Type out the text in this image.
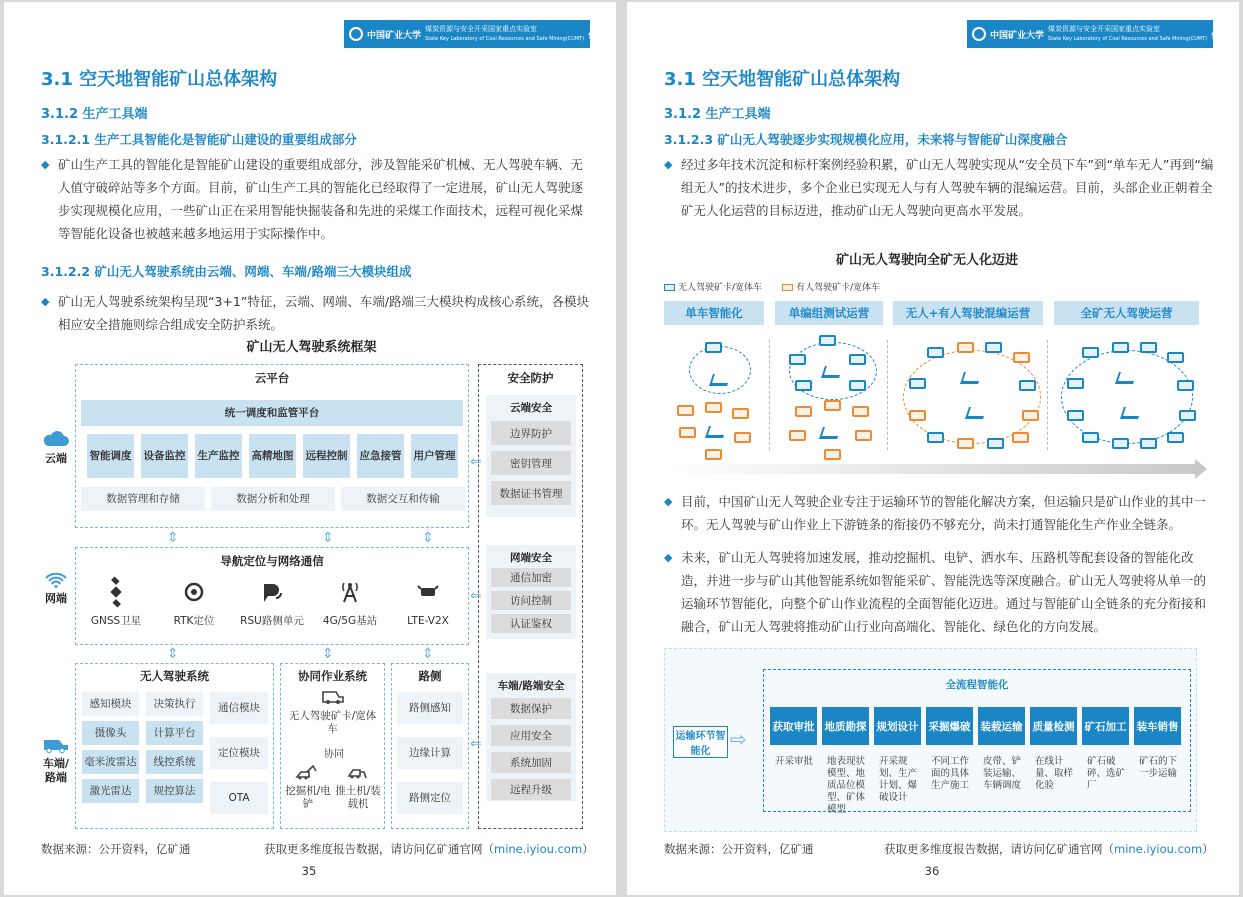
中国矿业大学
煤炭资源与安全开采国家重点实验室
State Key Laboratory of Coal Resources and Safe Mining(CUMT) 亿矿通
3.1 空天地智能矿山总体架构
3.1.2 生产工具端
3.1.2.1 生产工具智能化是智能矿山建设的重要组成部分
◆ 矿山生产工具的智能化是智能矿山建设的重要组成部分，涉及智能采矿机械、无人驾驶车辆、无人值守破碎站等多个方面。目前，矿山生产工具的智能化已经取得了一定进展，矿山无人驾驶逐步实现规模化应用，一些矿山正在采用智能快掘装备和先进的采煤工作面技术，远程可视化采煤等智能化设备也被越来越多地运用于实际操作中。
3.1.2.2 矿山无人驾驶系统由云端、网端、车端/路端三大模块组成
◆ 矿山无人驾驶系统架构呈现“3+1”特征，云端、网端、车端/路端三大模块构成核心系统，各模块相应安全措施则综合组成安全防护系统。
矿山无人驾驶系统框架
云平台
统一调度和监管平台
云端
⇕	⇕	⇕
导航定位与网络通信
网端
⇕	⇕	⇕
无人驾驶系统	协同作业系统
无人驾驶矿卡/宽体车
协同
挖掘机/电铲
推土机/装载机
路侧
车端/路端
安全防护
云端安全
网端安全
车端/路端安全
⇐
⇐
⇐
数据来源：公开资料，亿矿通	获取更多维度报告数据，请访问亿矿通官网（mine.iyiou.com）
35
智能调度 设备监控 生产监控 高精地图 远程控制 应急接管 用户管理
数据管理和存储	数据分析和处理	数据交互和传输
GNSS卫星	RTK定位	RSU路侧单元	4G/5G基站	LTE-V2X
感知模块
摄像头
毫米波雷达
激光雷达
决策执行
计算平台
线控系统
规控算法
通信模块
定位模块
OTA
路侧感知
边缘计算
路侧定位
边界防护
密钥管理
数据证书管理
通信加密
访问控制
认证鉴权
数据保护
应用安全
系统加固
远程升级
中国矿业大学
煤炭资源与安全开采国家重点实验室
State Key Laboratory of Coal Resources and Safe Mining(CUMT) 亿矿通
3.1 空天地智能矿山总体架构
3.1.2 生产工具端
3.1.2.3 矿山无人驾驶逐步实现规模化应用，未来将与智能矿山深度融合
◆ 经过多年技术沉淀和标杆案例经验积累，矿山无人驾驶实现从“安全员下车”到“单车无人”再到“编组无人”的技术进步，多个企业已实现无人与有人驾驶车辆的混编运营。目前，头部企业正朝着全矿无人化运营的目标迈进，推动矿山无人驾驶向更高水平发展。
矿山无人驾驶向全矿无人化迈进
无人驾驶矿卡/宽体车	有人驾驶矿卡/宽体车
单车智能化	单编组测试运营	无人+有人驾驶混编运营	全矿无人驾驶运营
◆ 目前，中国矿山无人驾驶企业专注于运输环节的智能化解决方案，但运输只是矿山作业的其中一环。无人驾驶与矿山作业上下游链条的衔接仍不够充分，尚未打通智能化生产作业全链条。
◆ 未来，矿山无人驾驶将加速发展，推动挖掘机、电铲、洒水车、压路机等配套设备的智能化改造，并进一步与矿山其他智能系统如智能采矿、智能洗选等深度融合。矿山无人驾驶将从单一的运输环节智能化，向整个矿山作业流程的全面智能化迈进。通过与智能矿山全链条的充分衔接和融合，矿山无人驾驶将推动矿山行业向高端化、智能化、绿色化的方向发展。
运输环节智能化
⇨
全流程智能化
数据来源：公开资料，亿矿通	获取更多维度报告数据，请访问亿矿通官网（mine.iyiou.com）
36
获取审批
开采审批
地质勘探
地表现状模型、地质品位模型、矿体模型
规划设计
开采规划、生产计划、爆破设计
采掘爆破
不同工作面的具体生产施工
装载运输
皮带、铲装运输、车辆调度
质量检测
在线计量、取样化验
矿石加工
矿石破碎、选矿厂
装车销售
矿石的下一步运输
